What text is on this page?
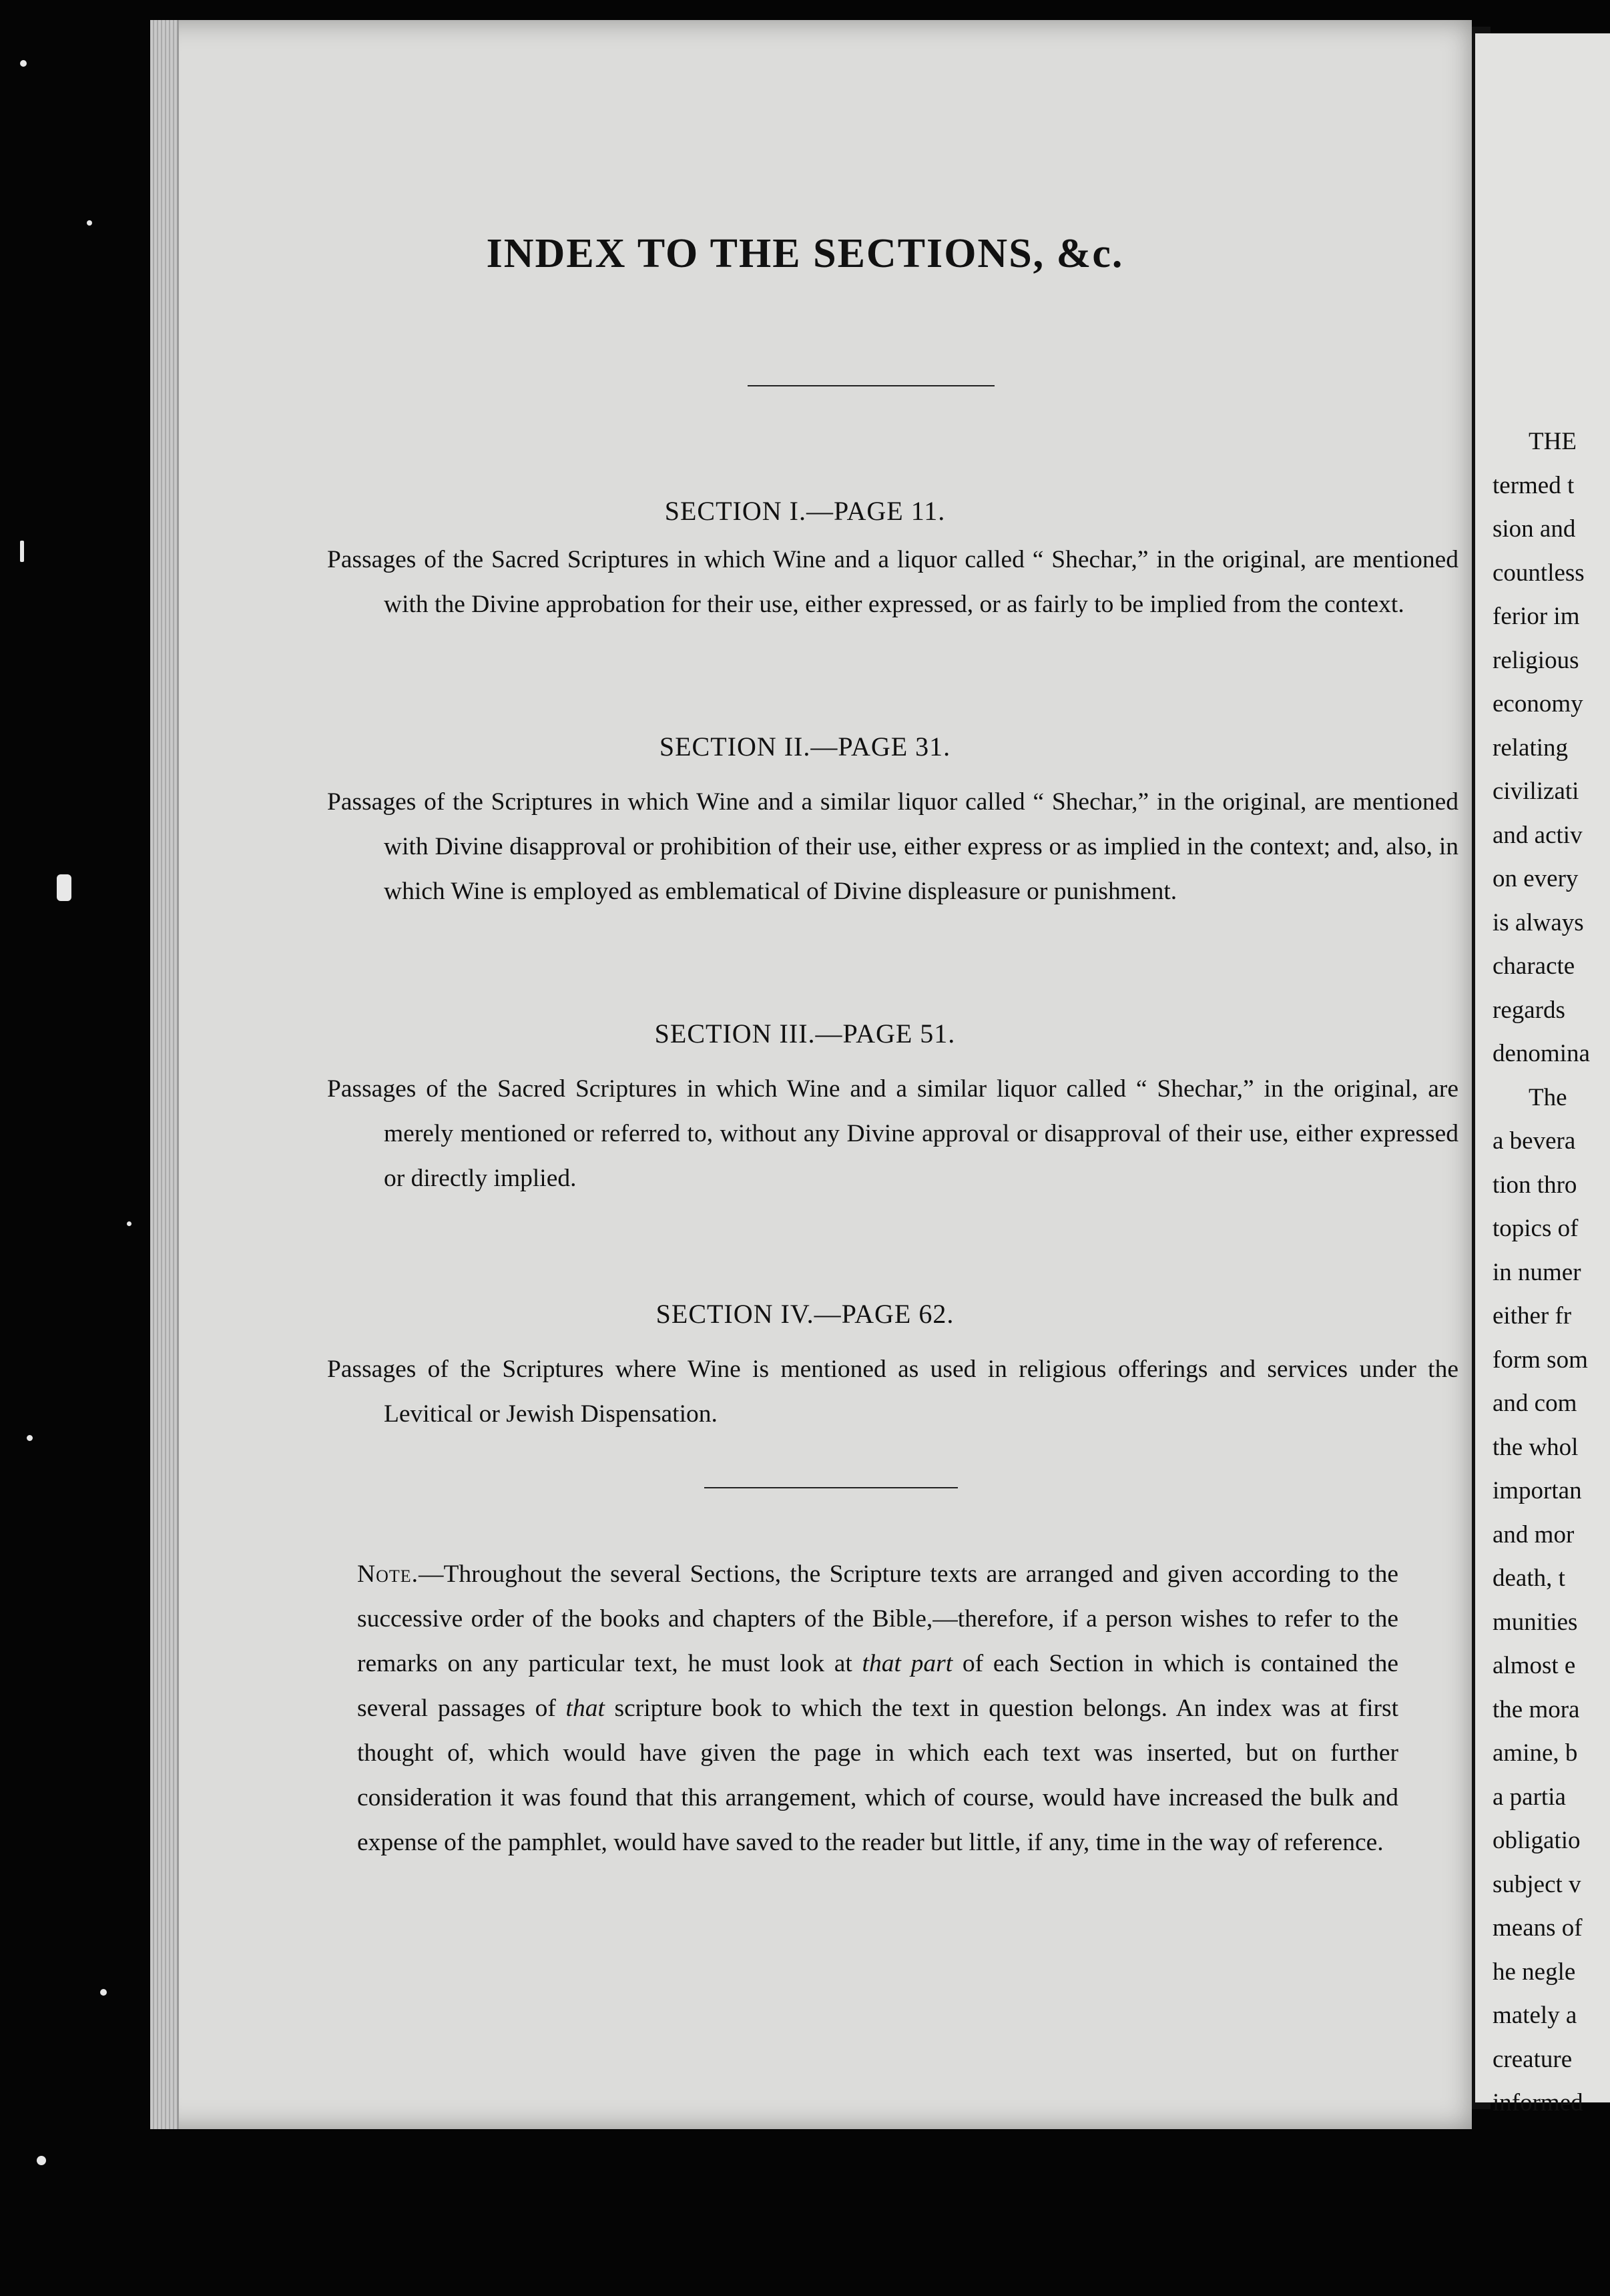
THE
termed t
sion and
countless
ferior im
religious
economy
relating
civilizati
and activ
on every
is always
characte
regards
denomina
The
a bevera
tion thro
topics of
in numer
either fr
form som
and com
the whol
importan
and mor
death, t
munities
almost e
the mora
amine, b
a partia
obligatio
subject v
means of
he negle
mately a
creature
informed
INDEX TO THE SECTIONS, &c.
SECTION I.—PAGE 11.
Passages of the Sacred Scriptures in which Wine and a liquor called “ Shechar,” in the original, are mentioned with the Divine approbation for their use, either expressed, or as fairly to be implied from the context.
SECTION II.—PAGE 31.
Passages of the Scriptures in which Wine and a similar liquor called “ Shechar,” in the original, are mentioned with Divine disapproval or prohibition of their use, either express or as implied in the context; and, also, in which Wine is employed as emblematical of Divine displeasure or punishment.
SECTION III.—PAGE 51.
Passages of the Sacred Scriptures in which Wine and a similar liquor called “ Shechar,” in the original, are merely mentioned or referred to, without any Divine approval or disapproval of their use, either expressed or directly implied.
SECTION IV.—PAGE 62.
Passages of the Scriptures where Wine is mentioned as used in religious offerings and services under the Levitical or Jewish Dispensation.

Note.—Throughout the several Sections, the Scripture texts are arranged and given according to the successive order of the books and chapters of the Bible,—therefore, if a person wishes to refer to the remarks on any particular text, he must look at that part of each Section in which is contained the several passages of that scripture book to which the text in question belongs. An index was at first thought of, which would have given the page in which each text was inserted, but on further consideration it was found that this arrangement, which of course, would have increased the bulk and expense of the pamphlet, would have saved to the reader but little, if any, time in the way of reference.
